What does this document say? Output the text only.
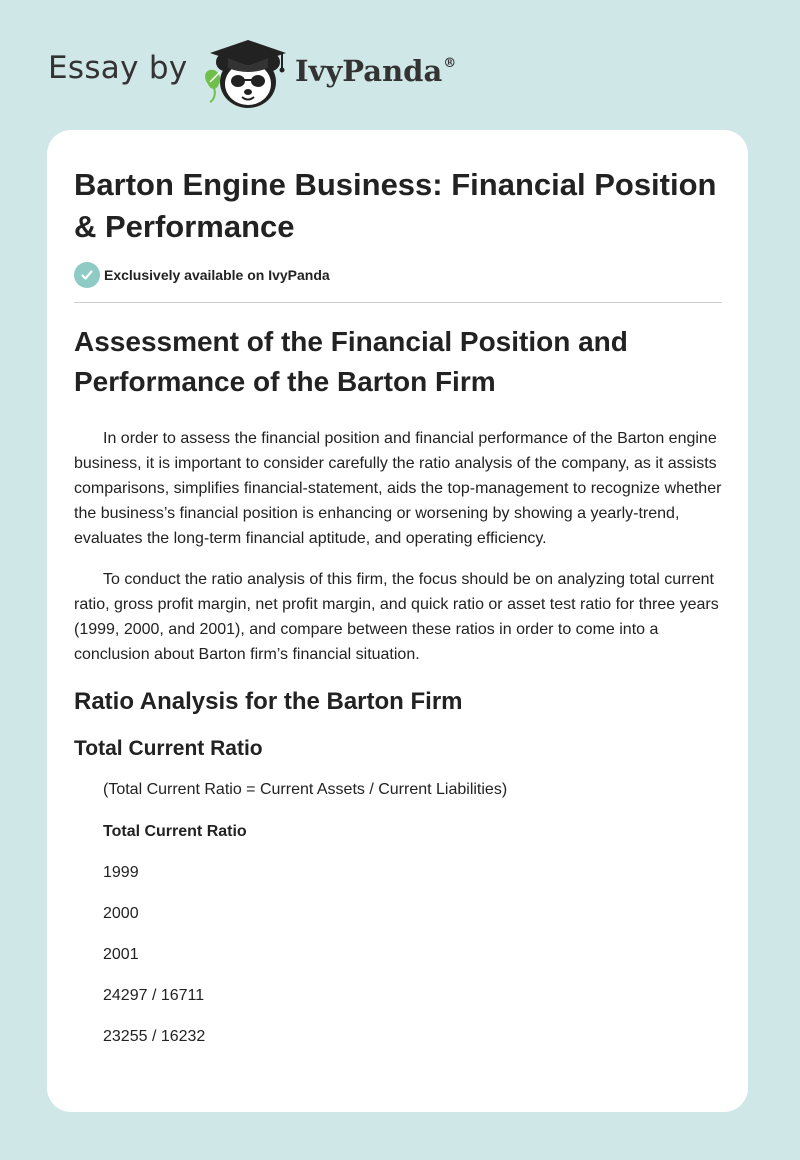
Essay by	IvyPanda®
Barton Engine Business: Financial Position & Performance
Exclusively available on IvyPanda
Assessment of the Financial Position and Performance of the Barton Firm

In order to assess the financial position and financial performance of the Barton engine business, it is important to consider carefully the ratio analysis of the company, as it assists comparisons, simplifies financial-statement, aids the top-management to recognize whether the business’s financial position is enhancing or worsening by showing a yearly-trend, evaluates the long-term financial aptitude, and operating efficiency.

To conduct the ratio analysis of this firm, the focus should be on analyzing total current ratio, gross profit margin, net profit margin, and quick ratio or asset test ratio for three years (1999, 2000, and 2001), and compare between these ratios in order to come into a conclusion about Barton firm’s financial situation.

Ratio Analysis for the Barton Firm
Total Current Ratio
(Total Current Ratio = Current Assets / Current Liabilities)
Total Current Ratio
1999
2000
2001
24297 / 16711
23255 / 16232
